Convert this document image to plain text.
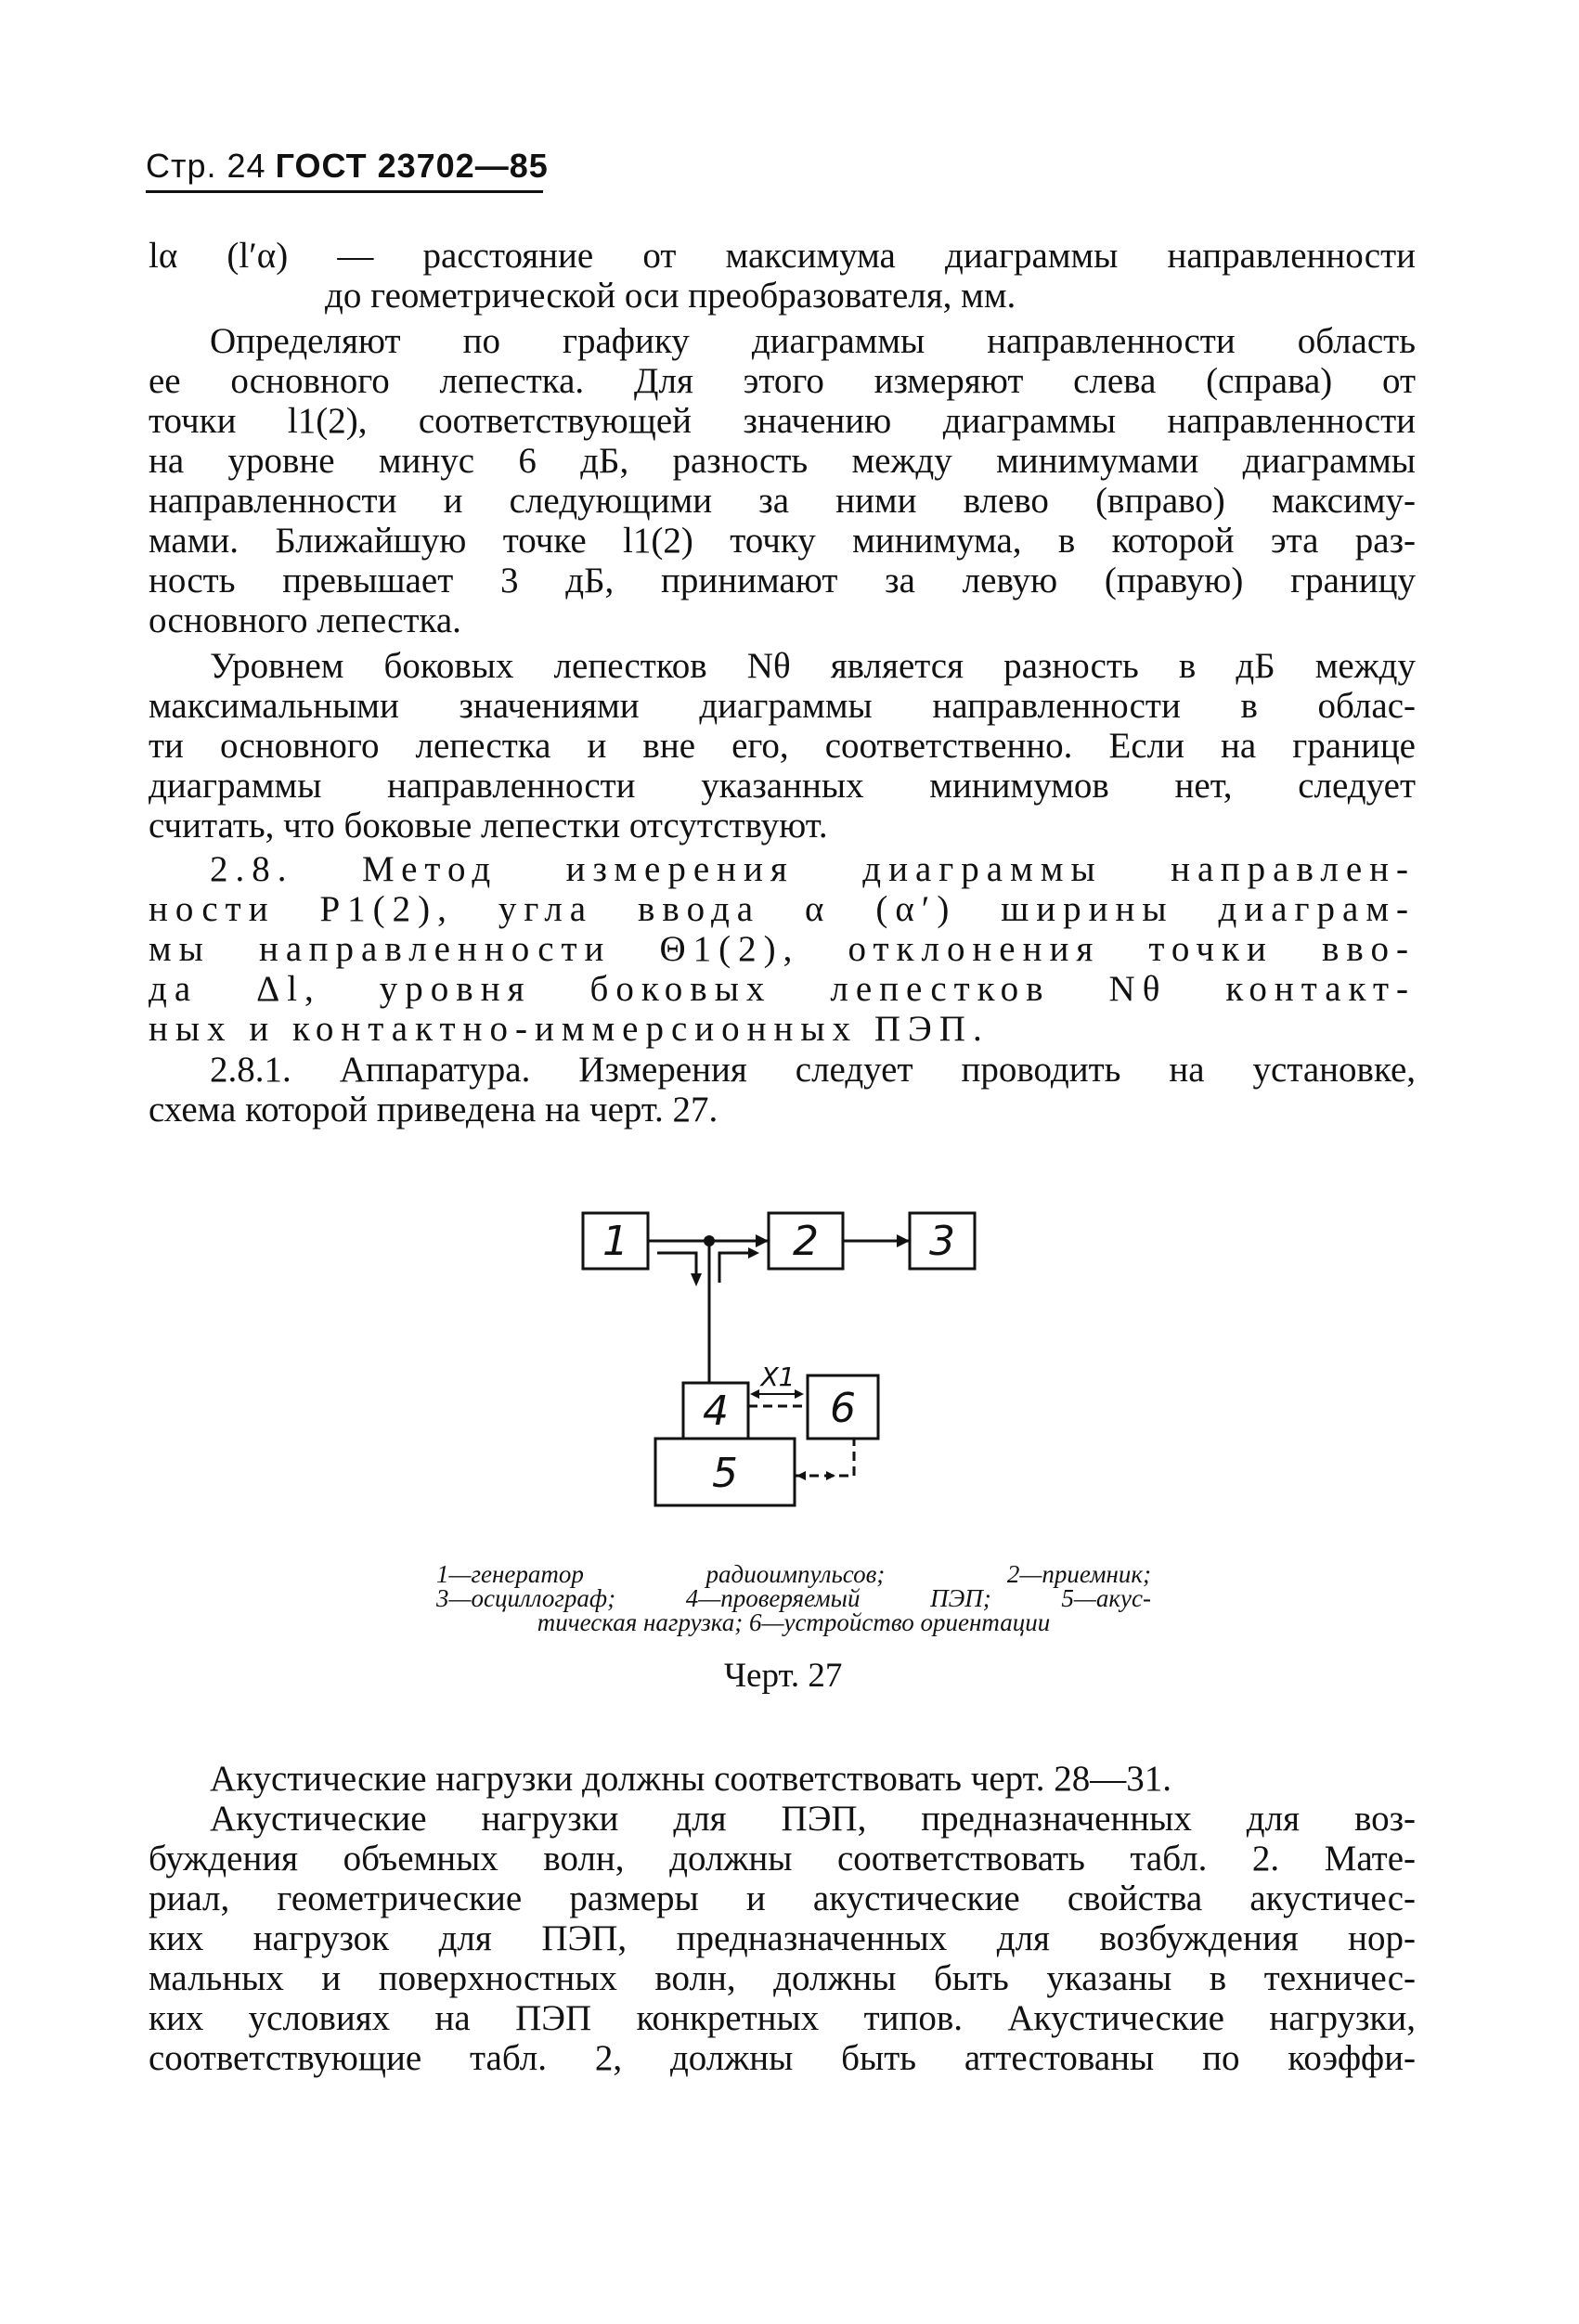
Стр. 24 ГОСТ 23702—85
lα (l′α) — расстояние от максимума диаграммы направленности
до геометрической оси преобразователя, мм.
Определяют по графику диаграммы направленности область
ее основного лепестка. Для этого измеряют слева (справа) от
точки l1(2), соответствующей значению диаграммы направленности
на уровне минус 6 дБ, разность между минимумами диаграммы
направленности и следующими за ними влево (вправо) максиму-
мами. Ближайшую точке l1(2) точку минимума, в которой эта раз-
ность превышает 3 дБ, принимают за левую (правую) границу
основного лепестка.
Уровнем боковых лепестков Nθ является разность в дБ между
максимальными значениями диаграммы направленности в облас-
ти основного лепестка и вне его, соответственно. Если на границе
диаграммы направленности указанных минимумов нет, следует
считать, что боковые лепестки отсутствуют.
2.8. Метод измерения диаграммы направлен-
ности P1(2), угла ввода α (α′) ширины диаграм-
мы направленности Θ1(2), отклонения точки вво-
да Δl, уровня боковых лепестков Nθ контакт-
ных и контактно-иммерсионных ПЭП.
2.8.1. Аппаратура. Измерения следует проводить на установке,
схема которой приведена на черт. 27.
1	2	3
4
5
6
X1
1—генератор радиоимпульсов; 2—приемник;
3—осциллограф; 4—проверяемый ПЭП; 5—акус-
тическая нагрузка; 6—устройство ориентации
Черт. 27
Акустические нагрузки должны соответствовать черт. 28—31.
Акустические нагрузки для ПЭП, предназначенных для воз-
буждения объемных волн, должны соответствовать табл. 2. Мате-
риал, геометрические размеры и акустические свойства акустичес-
ких нагрузок для ПЭП, предназначенных для возбуждения нор-
мальных и поверхностных волн, должны быть указаны в техничес-
ких условиях на ПЭП конкретных типов. Акустические нагрузки,
соответствующие табл. 2, должны быть аттестованы по коэффи-
